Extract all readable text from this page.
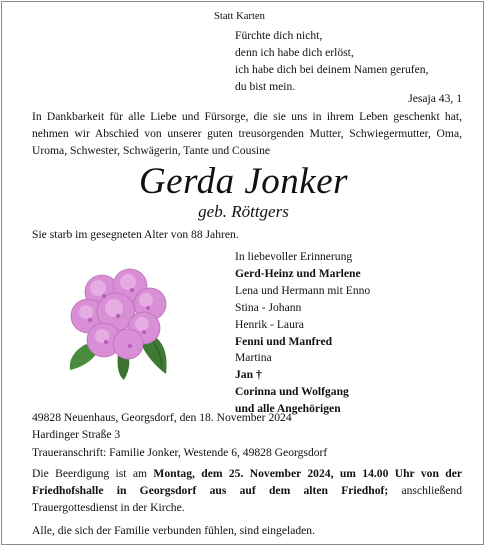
Statt Karten
Fürchte dich nicht,
denn ich habe dich erlöst,
ich habe dich bei deinem Namen gerufen,
du bist mein.
Jesaja 43, 1
In Dankbarkeit für alle Liebe und Fürsorge, die sie uns in ihrem Leben geschenkt hat, nehmen wir Abschied von unserer guten treusorgenden Mutter, Schwiegermutter, Oma, Uroma, Schwester, Schwägerin, Tante und Cousine
Gerda Jonker
geb. Röttgers
Sie starb im gesegneten Alter von 88 Jahren.
In liebevoller Erinnerung
Gerd-Heinz und Marlene
Lena und Hermann mit Enno
Stina - Johann
Henrik - Laura
Fenni und Manfred
Martina
Jan †
Corinna und Wolfgang
und alle Angehörigen
49828 Neuenhaus, Georgsdorf, den 18. November 2024
Hardinger Straße 3
Traueranschrift: Familie Jonker, Westende 6, 49828 Georgsdorf
Die Beerdigung ist am Montag, dem 25. November 2024, um 14.00 Uhr von der Friedhofshalle in Georgsdorf aus auf dem alten Friedhof; anschließend Trauergottesdienst in der Kirche.
Alle, die sich der Familie verbunden fühlen, sind eingeladen.
